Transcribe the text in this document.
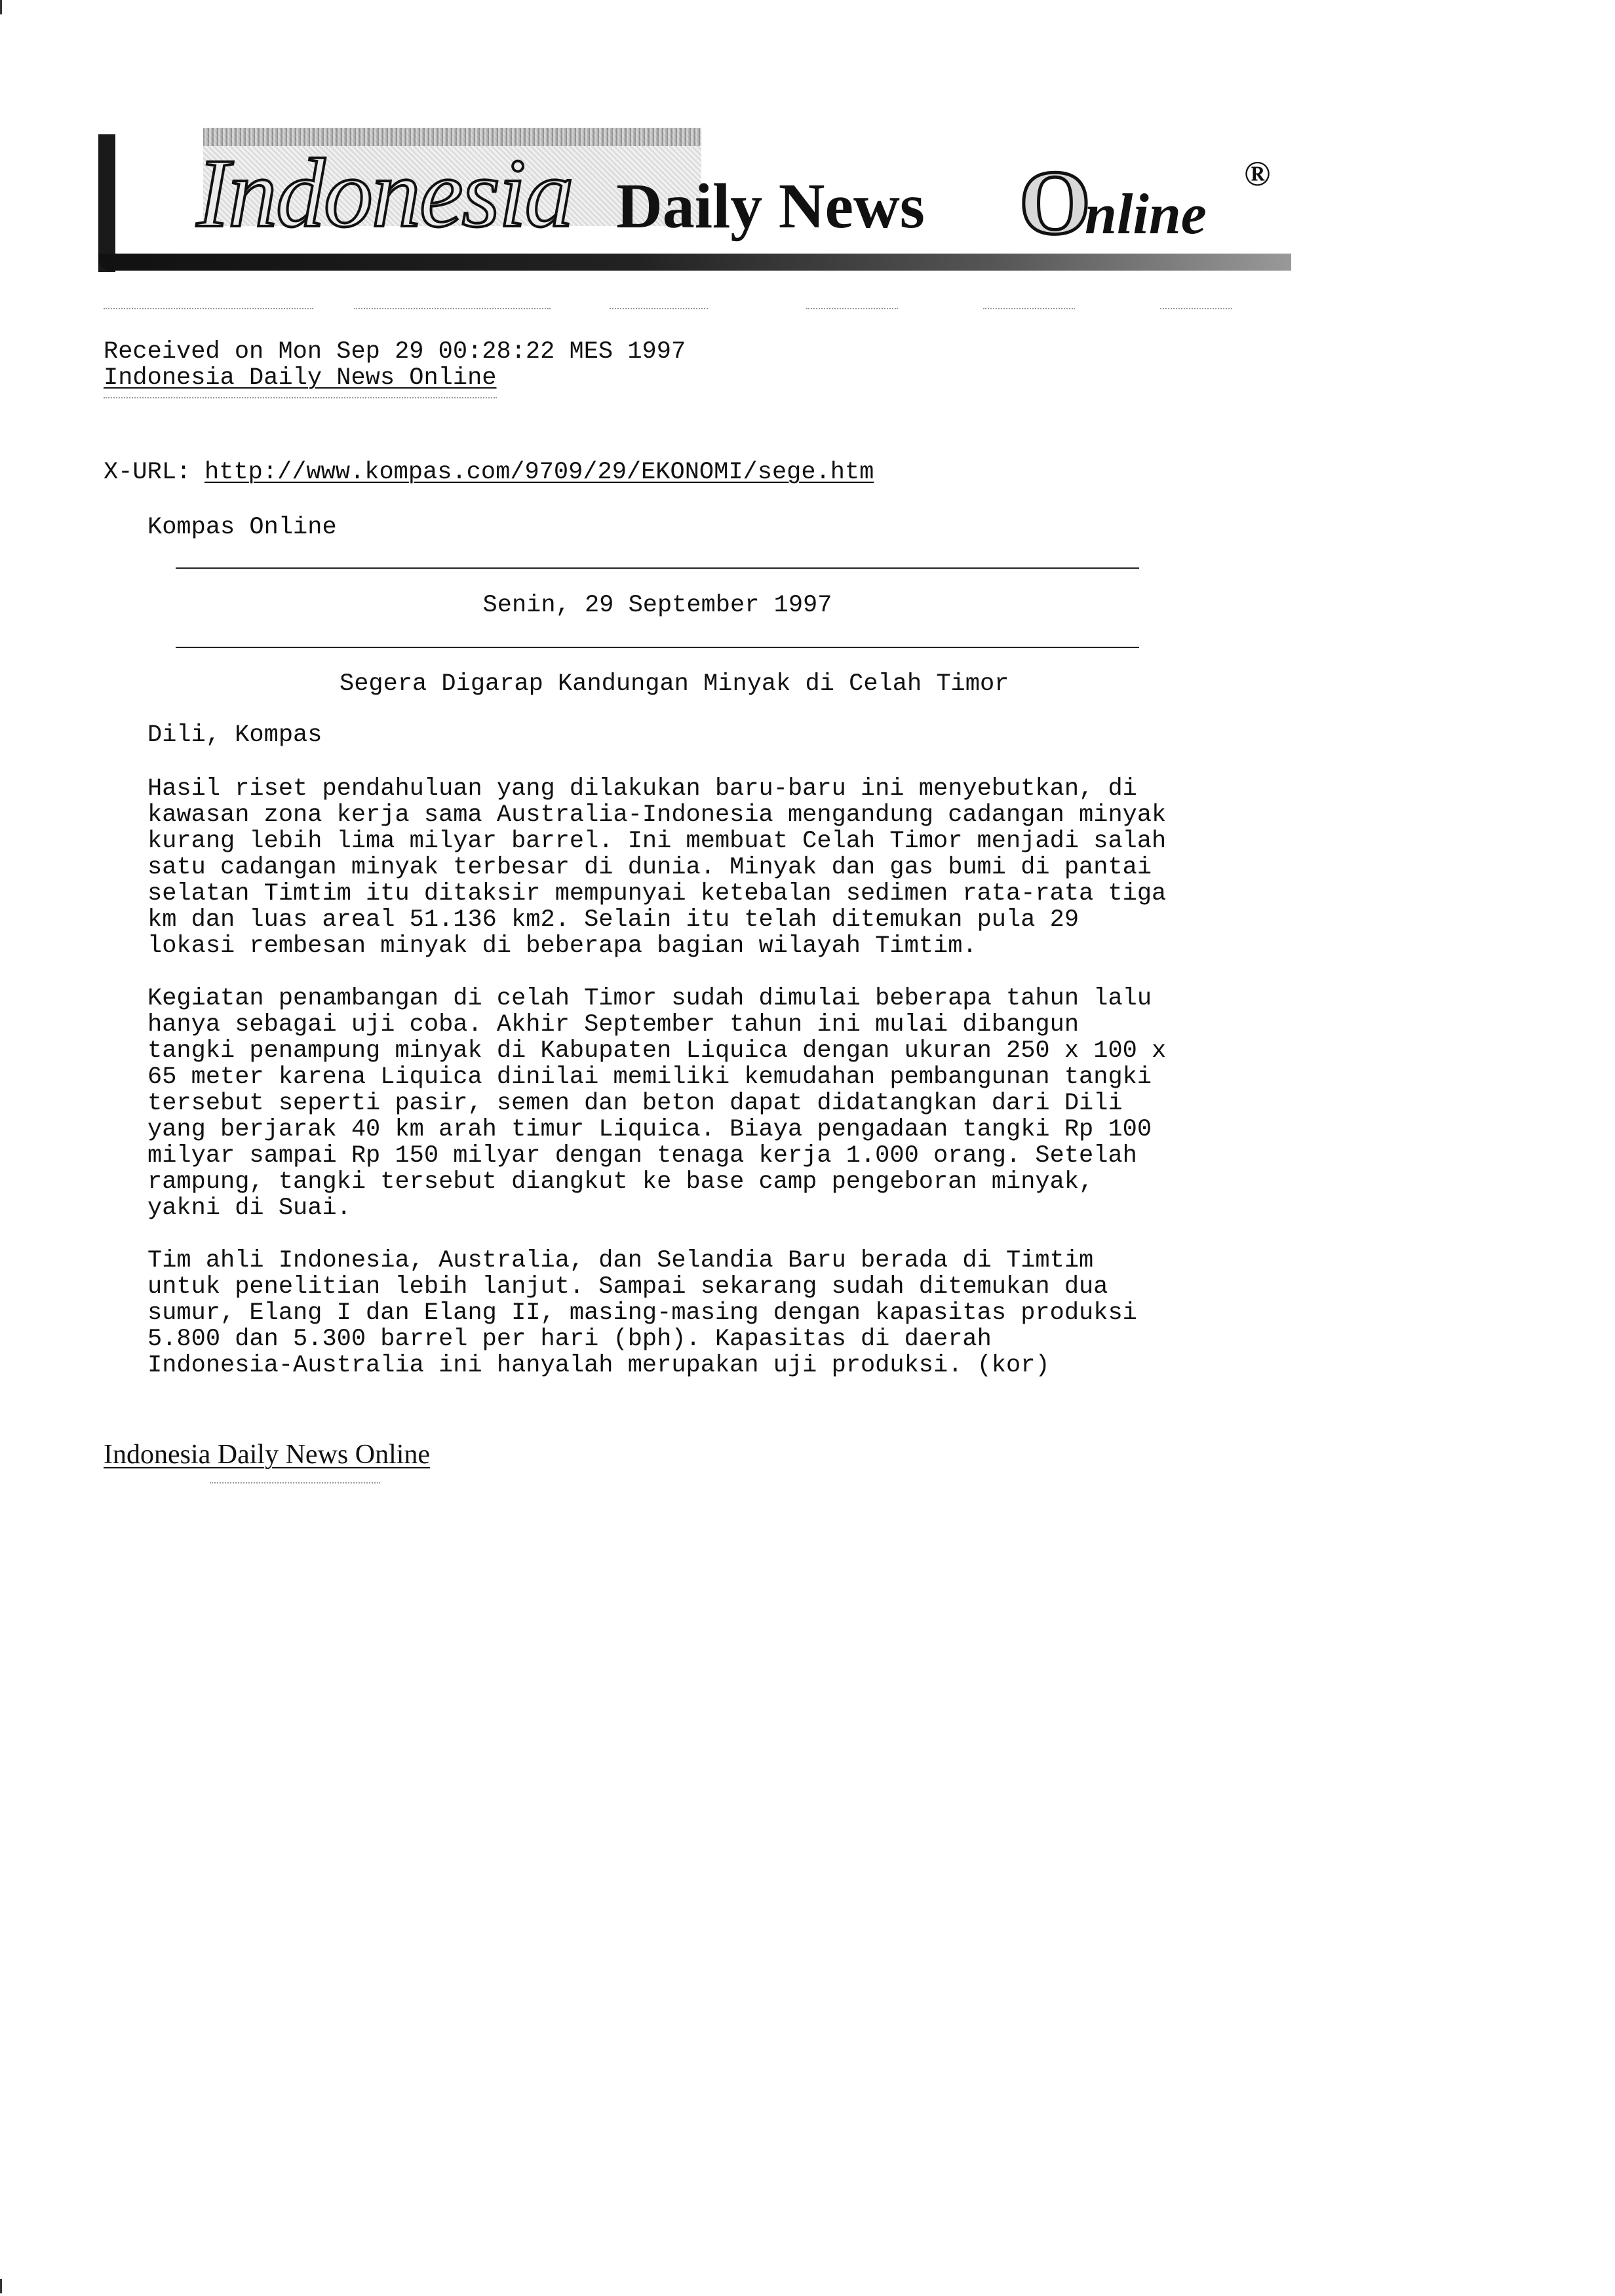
Indonesia Daily News O
nline
®
Received on Mon Sep 29 00:28:22 MES 1997
Indonesia Daily News Online
X-URL: http://www.kompas.com/9709/29/EKONOMI/sege.htm
Kompas Online
Senin, 29 September 1997
Segera Digarap Kandungan Minyak di Celah Timor
Dili, Kompas
Hasil riset pendahuluan yang dilakukan baru-baru ini menyebutkan, di
kawasan zona kerja sama Australia-Indonesia mengandung cadangan minyak
kurang lebih lima milyar barrel. Ini membuat Celah Timor menjadi salah
satu cadangan minyak terbesar di dunia. Minyak dan gas bumi di pantai
selatan Timtim itu ditaksir mempunyai ketebalan sedimen rata-rata tiga
km dan luas areal 51.136 km2. Selain itu telah ditemukan pula 29
lokasi rembesan minyak di beberapa bagian wilayah Timtim.
Kegiatan penambangan di celah Timor sudah dimulai beberapa tahun lalu
hanya sebagai uji coba. Akhir September tahun ini mulai dibangun
tangki penampung minyak di Kabupaten Liquica dengan ukuran 250 x 100 x
65 meter karena Liquica dinilai memiliki kemudahan pembangunan tangki
tersebut seperti pasir, semen dan beton dapat didatangkan dari Dili
yang berjarak 40 km arah timur Liquica. Biaya pengadaan tangki Rp 100
milyar sampai Rp 150 milyar dengan tenaga kerja 1.000 orang. Setelah
rampung, tangki tersebut diangkut ke base camp pengeboran minyak,
yakni di Suai.
Tim ahli Indonesia, Australia, dan Selandia Baru berada di Timtim
untuk penelitian lebih lanjut. Sampai sekarang sudah ditemukan dua
sumur, Elang I dan Elang II, masing-masing dengan kapasitas produksi
5.800 dan 5.300 barrel per hari (bph). Kapasitas di daerah
Indonesia-Australia ini hanyalah merupakan uji produksi. (kor)
Indonesia Daily News Online
